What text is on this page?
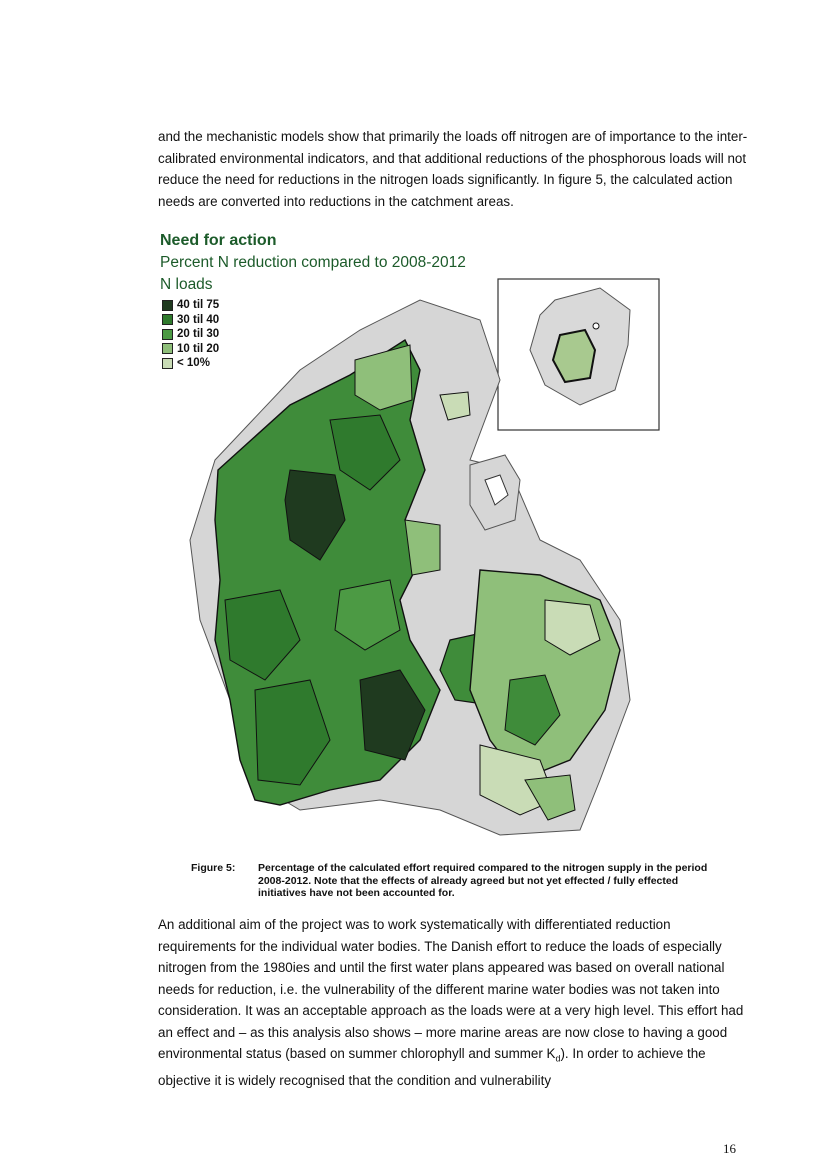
and the mechanistic models show that primarily the loads off nitrogen are of importance to the inter-calibrated environmental indicators, and that additional reductions of the phosphorous loads will not reduce the need for reductions in the nitrogen loads significantly. In figure 5, the calculated action needs are converted into reductions in the catchment areas.

Need for action
Percent N reduction compared to 2008-2012
N loads
40 til 75
30 til 40
20 til 30
10 til 20
< 10%
Figure 5: Percentage of the calculated effort required compared to the nitrogen supply in the period 2008-2012. Note that the effects of already agreed but not yet effected / fully effected initiatives have not been accounted for.

An additional aim of the project was to work systematically with differentiated reduction requirements for the individual water bodies. The Danish effort to reduce the loads of especially nitrogen from the 1980ies and until the first water plans appeared was based on overall national needs for reduction, i.e. the vulnerability of the different marine water bodies was not taken into consideration. It was an acceptable approach as the loads were at a very high level. This effort had an effect and – as this analysis also shows – more marine areas are now close to having a good environmental status (based on summer chlorophyll and summer $K_d$). In order to achieve the objective it is widely recognised that the condition and vulnerability

16
